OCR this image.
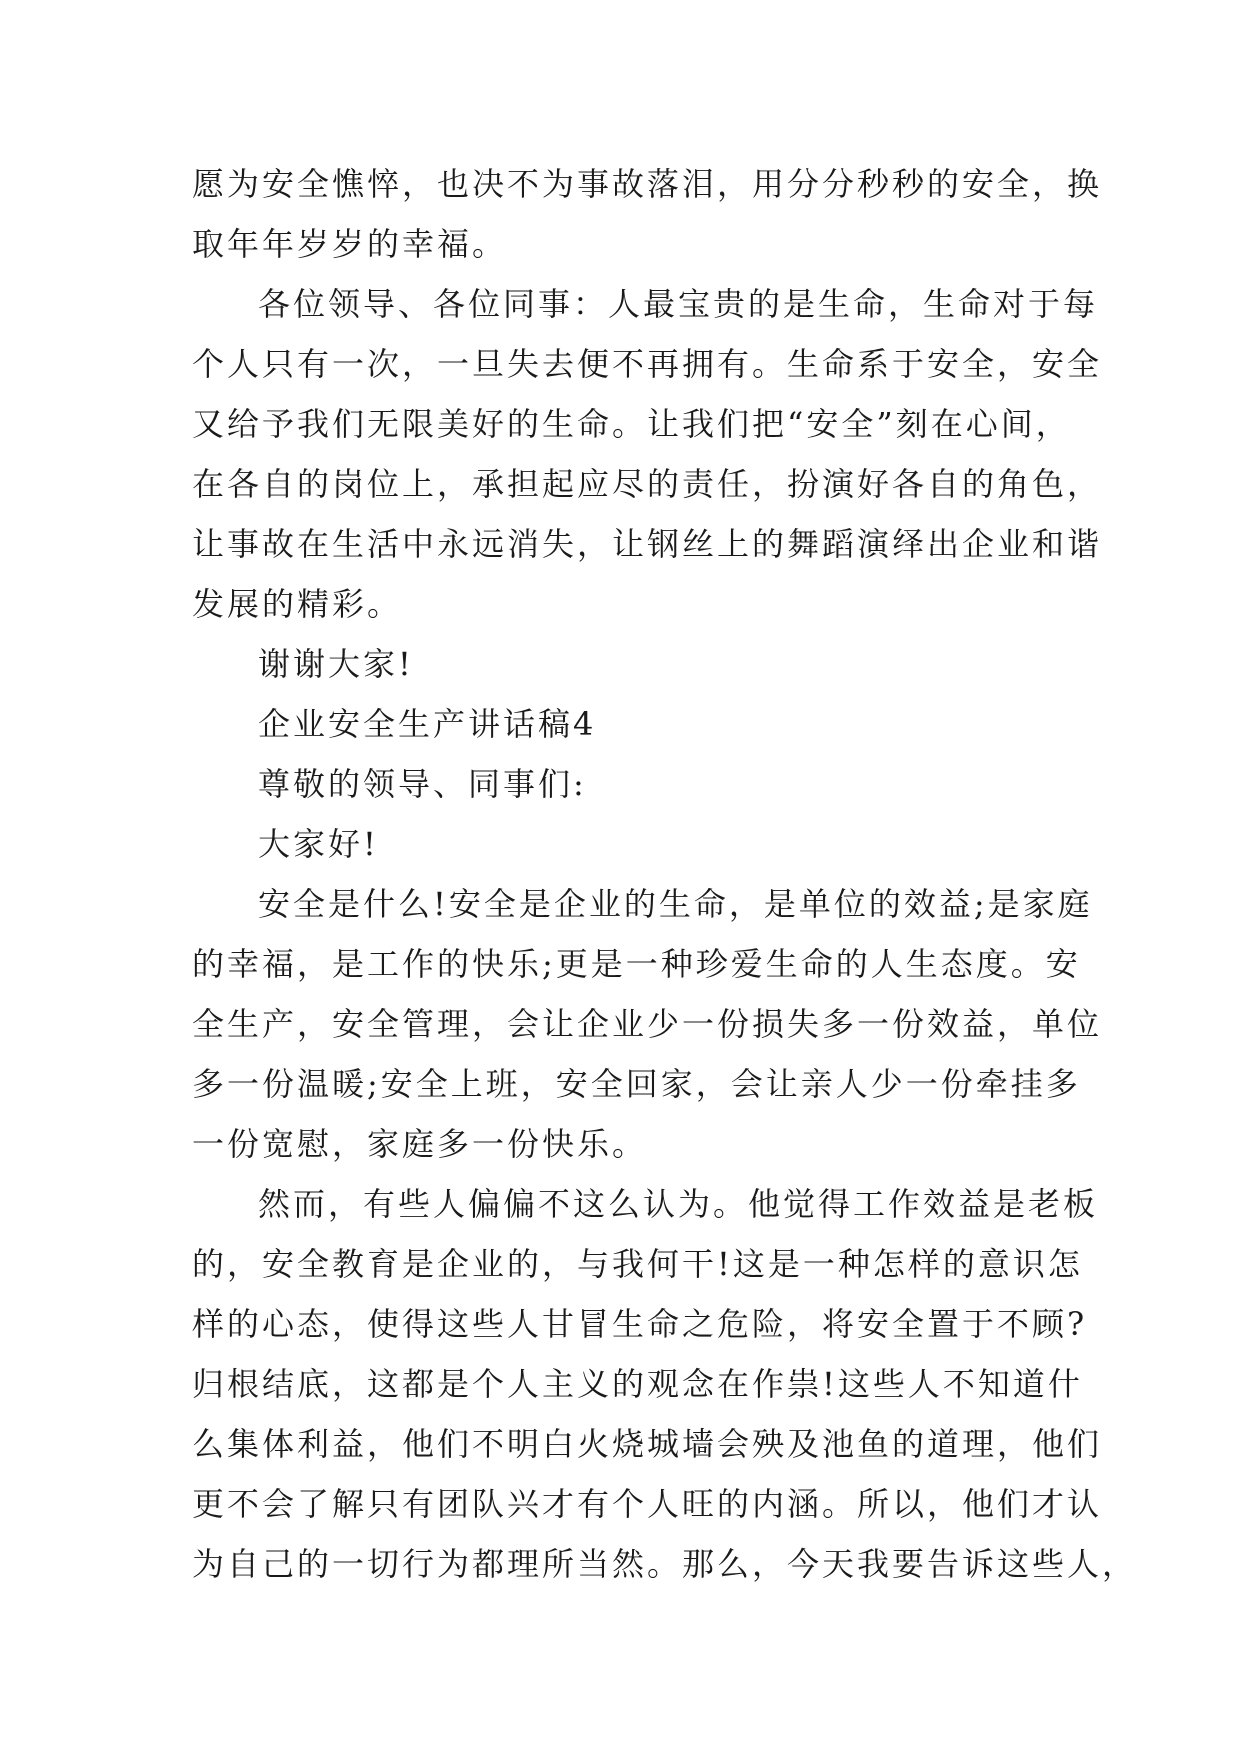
愿为安全憔悴，也决不为事故落泪，用分分秒秒的安全，换
取年年岁岁的幸福。
各位领导、各位同事：人最宝贵的是生命，生命对于每
个人只有一次，一旦失去便不再拥有。生命系于安全，安全
又给予我们无限美好的生命。让我们把“安全”刻在心间，
在各自的岗位上，承担起应尽的责任，扮演好各自的角色，
让事故在生活中永远消失，让钢丝上的舞蹈演绎出企业和谐
发展的精彩。
谢谢大家!
企业安全生产讲话稿4
尊敬的领导、同事们:
大家好!
安全是什么!安全是企业的生命，是单位的效益;是家庭
的幸福，是工作的快乐;更是一种珍爱生命的人生态度。安
全生产，安全管理，会让企业少一份损失多一份效益，单位
多一份温暖;安全上班，安全回家，会让亲人少一份牵挂多
一份宽慰，家庭多一份快乐。
然而，有些人偏偏不这么认为。他觉得工作效益是老板
的，安全教育是企业的，与我何干!这是一种怎样的意识怎
样的心态，使得这些人甘冒生命之危险，将安全置于不顾?
归根结底，这都是个人主义的观念在作祟!这些人不知道什
么集体利益，他们不明白火烧城墙会殃及池鱼的道理，他们
更不会了解只有团队兴才有个人旺的内涵。所以，他们才认
为自己的一切行为都理所当然。那么，今天我要告诉这些人，
